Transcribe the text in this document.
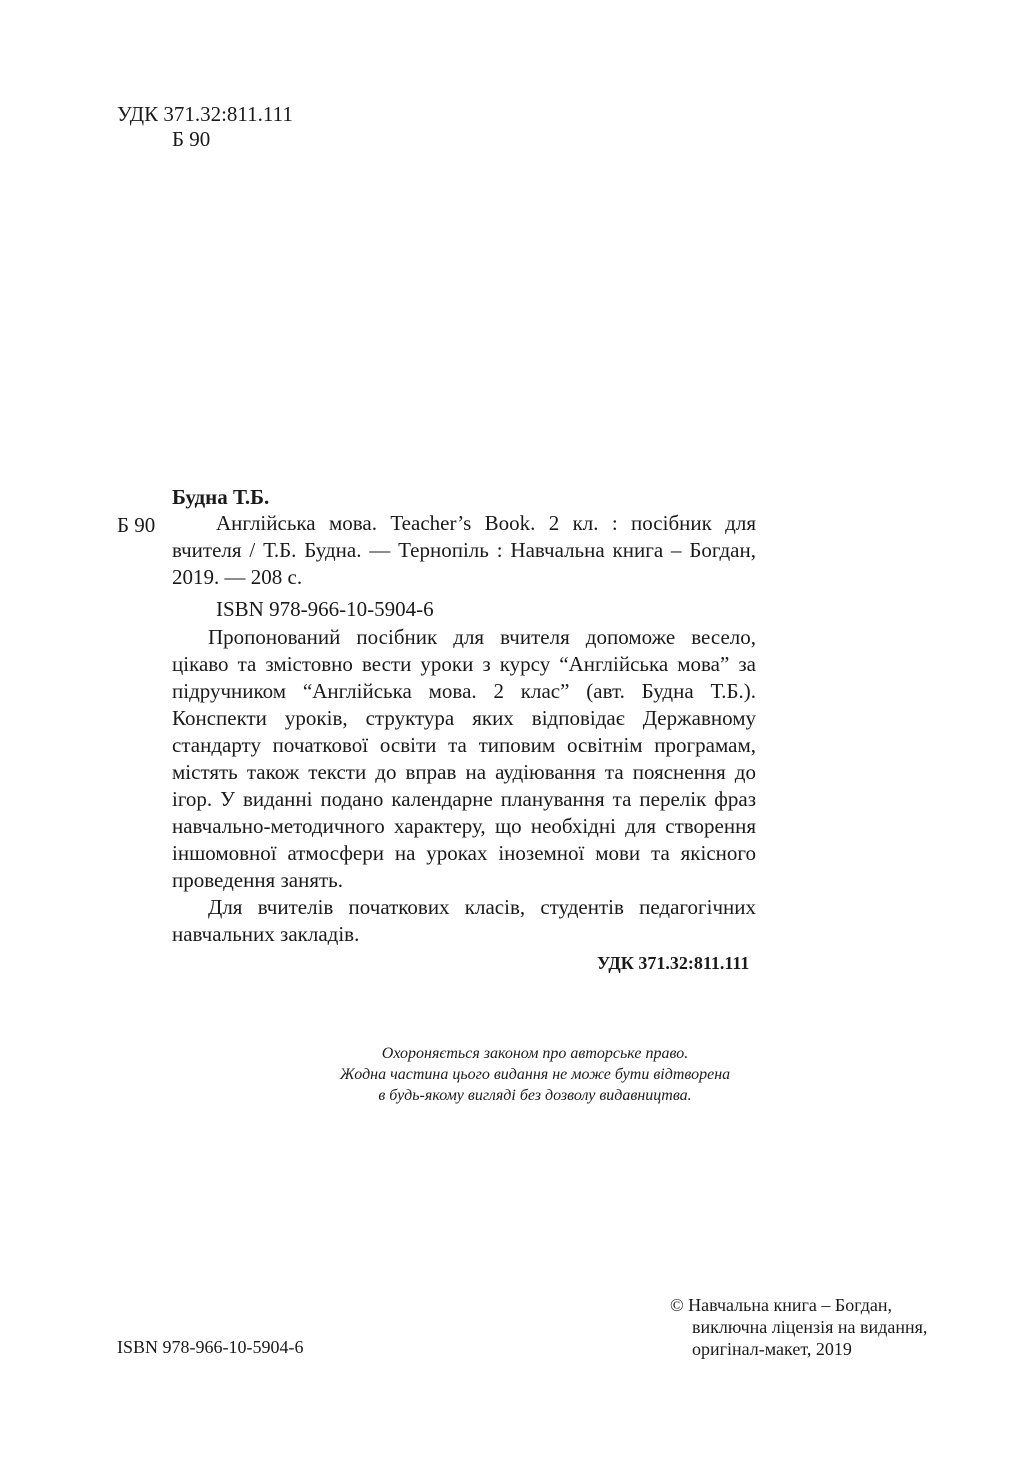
УДК 371.32:811.111
Б 90
Будна Т.Б.
Б 90	Англійська мова. Teacher’s Book. 2 кл. : посібник для вчителя / Т.Б. Будна. — Тернопіль : Навчальна книга – Богдан, 2019. — 208 с.

ISBN 978-966-10-5904-6

Пропонований посібник для вчителя допоможе весело, цікаво та змістовно вести уроки з курсу “Англійська мова” за підручником “Англійська мова. 2 клас” (авт. Будна Т.Б.). Конспекти уроків, структура яких відповідає Державному стандарту початкової освіти та типовим освітнім програмам, містять також тексти до вправ на аудіювання та пояснення до ігор. У виданні подано календарне планування та перелік фраз навчально-методичного характеру, що необхідні для створення іншомовної атмосфери на уроках іноземної мови та якісного проведення занять.

Для вчителів початкових класів, студентів педагогічних навчальних закладів.

УДК 371.32:811.111
Охороняється законом про авторське право.
Жодна частина цього видання не може бути відтворена
в будь-якому вигляді без дозволу видавництва.
ISBN 978-966-10-5904-6
© Навчальна книга – Богдан,
виключна ліцензія на видання,
оригінал-макет, 2019
